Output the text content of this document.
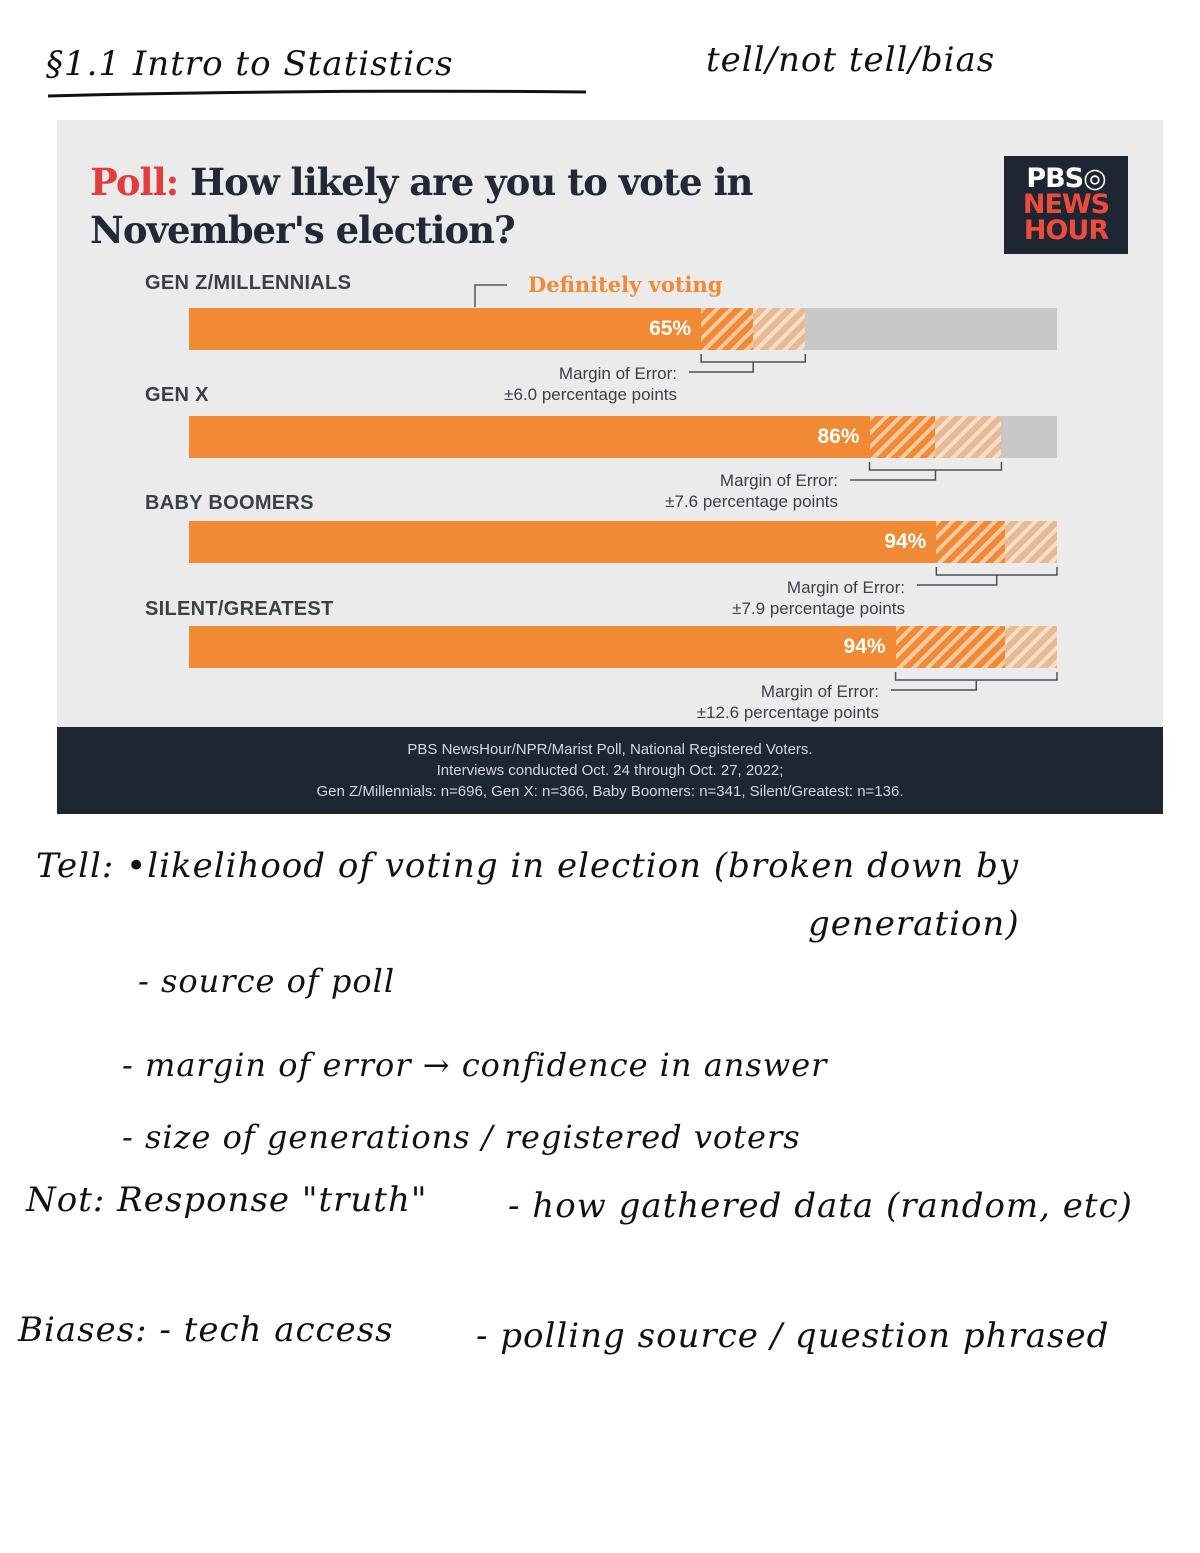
§1.1 Intro to Statistics	tell/not tell/bias
Poll: How likely are you to vote in November's election?
PBS◎
NEWS
HOUR
Definitely voting
GEN Z/MILLENNIALS
65%
Margin of Error:
±6.0 percentage points
GEN X
86%
Margin of Error:
±7.6 percentage points
BABY BOOMERS
94%
Margin of Error:
±7.9 percentage points
SILENT/GREATEST
94%
Margin of Error:
±12.6 percentage points
PBS NewsHour/NPR/Marist Poll, National Registered Voters.
Interviews conducted Oct. 24 through Oct. 27, 2022;
Gen Z/Millennials: n=696, Gen X: n=366, Baby Boomers: n=341, Silent/Greatest: n=136.
Tell: •likelihood of voting in election (broken down by
generation)
- source of poll
- margin of error → confidence in answer
- size of generations / registered voters
Not: Response "truth" - how gathered data (random, etc)
Biases: - tech access - polling source / question phrased
